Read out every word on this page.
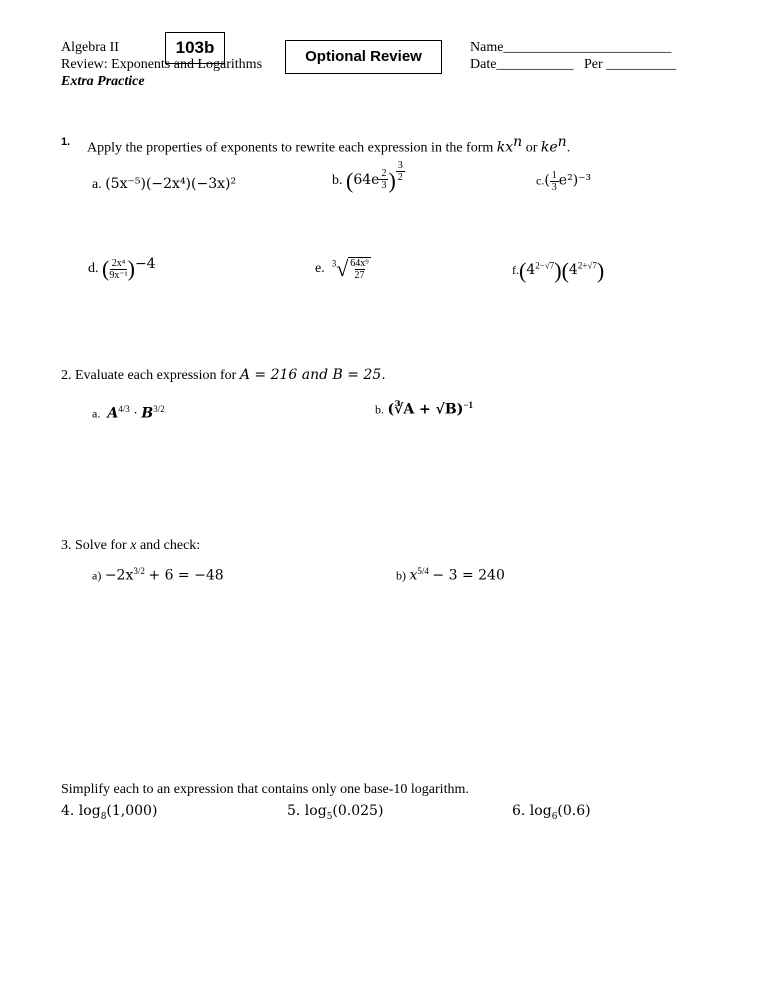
Algebra II
Review: Exponents and Logarithms
Extra Practice
103b	Optional Review
Name________________________
Date___________ Per __________
1. Apply the properties of exponents to rewrite each expression in the form $kx^n$ or $ke^n$.
a. (5x⁻⁵)(−2x⁴)(−3x)²	b. ($64e \frac{2}{3}$ ) $\frac{3}{2}$	$c.( \frac{1}{3} e^2)^{-3}$
d. ( $\frac{\text{2x⁴}}{\text{9x⁻¹}} )^{-4}$	e. $^3√ \frac{\text{64x⁹}}{27}$	$f.(4^{2-√7})(4^{2+√7})$
2. Evaluate each expression for A = 216 and B = 25.
a. $A^{4/3} \cdot B^{3/2}$	b. (∛A + √B)$^{-1}$
3. Solve for x and check:
$a) -2x^{3/2} + 6 = -48$	b) $x^{5/4} - 3 = 240$
Simplify each to an expression that contains only one base-10 logarithm.
4. $\log_8(1,000)$	5. $\log_5(0.025)$	6. $\log_6(0.6)$
